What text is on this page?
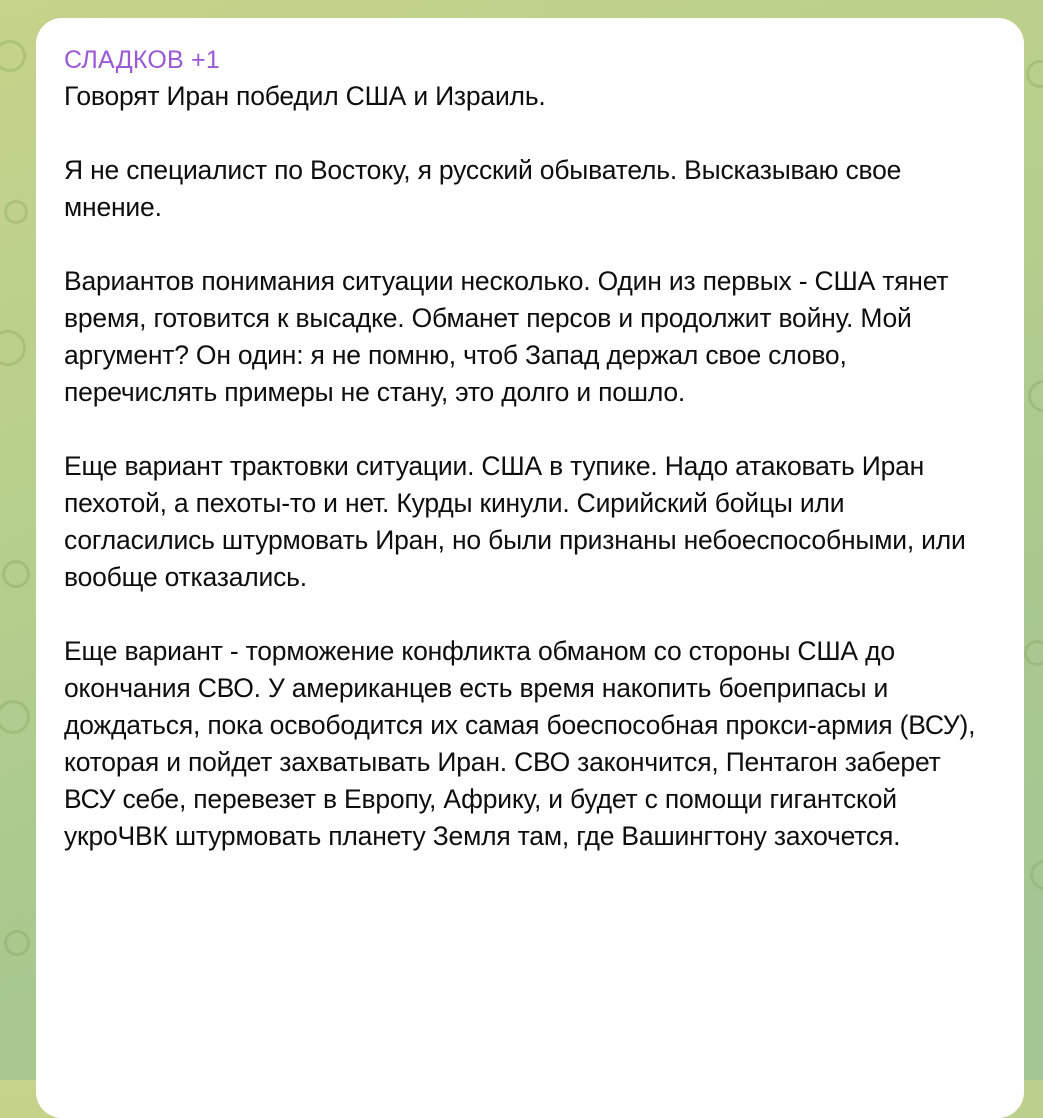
СЛАДКОВ +1
Говорят Иран победил США и Израиль.
Я не специалист по Востоку, я русский обыватель. Высказываю свое мнение.
Вариантов понимания ситуации несколько. Один из первых - США тянет время, готовится к высадке. Обманет персов и продолжит войну. Мой аргумент? Он один: я не помню, чтоб Запад держал свое слово, перечислять примеры не стану, это долго и пошло.
Еще вариант трактовки ситуации. США в тупике. Надо атаковать Иран пехотой, а пехоты-то и нет. Курды кинули. Сирийский бойцы или согласились штурмовать Иран, но были признаны небоеспособными, или вообще отказались.
Еще вариант - торможение конфликта обманом со стороны США до окончания СВО. У американцев есть время накопить боеприпасы и дождаться, пока освободится их самая боеспособная прокси-армия (ВСУ), которая и пойдет захватывать Иран. СВО закончится, Пентагон заберет ВСУ себе, перевезет в Европу, Африку, и будет с помощи гигантской укроЧВК штурмовать планету Земля там, где Вашингтону захочется.
